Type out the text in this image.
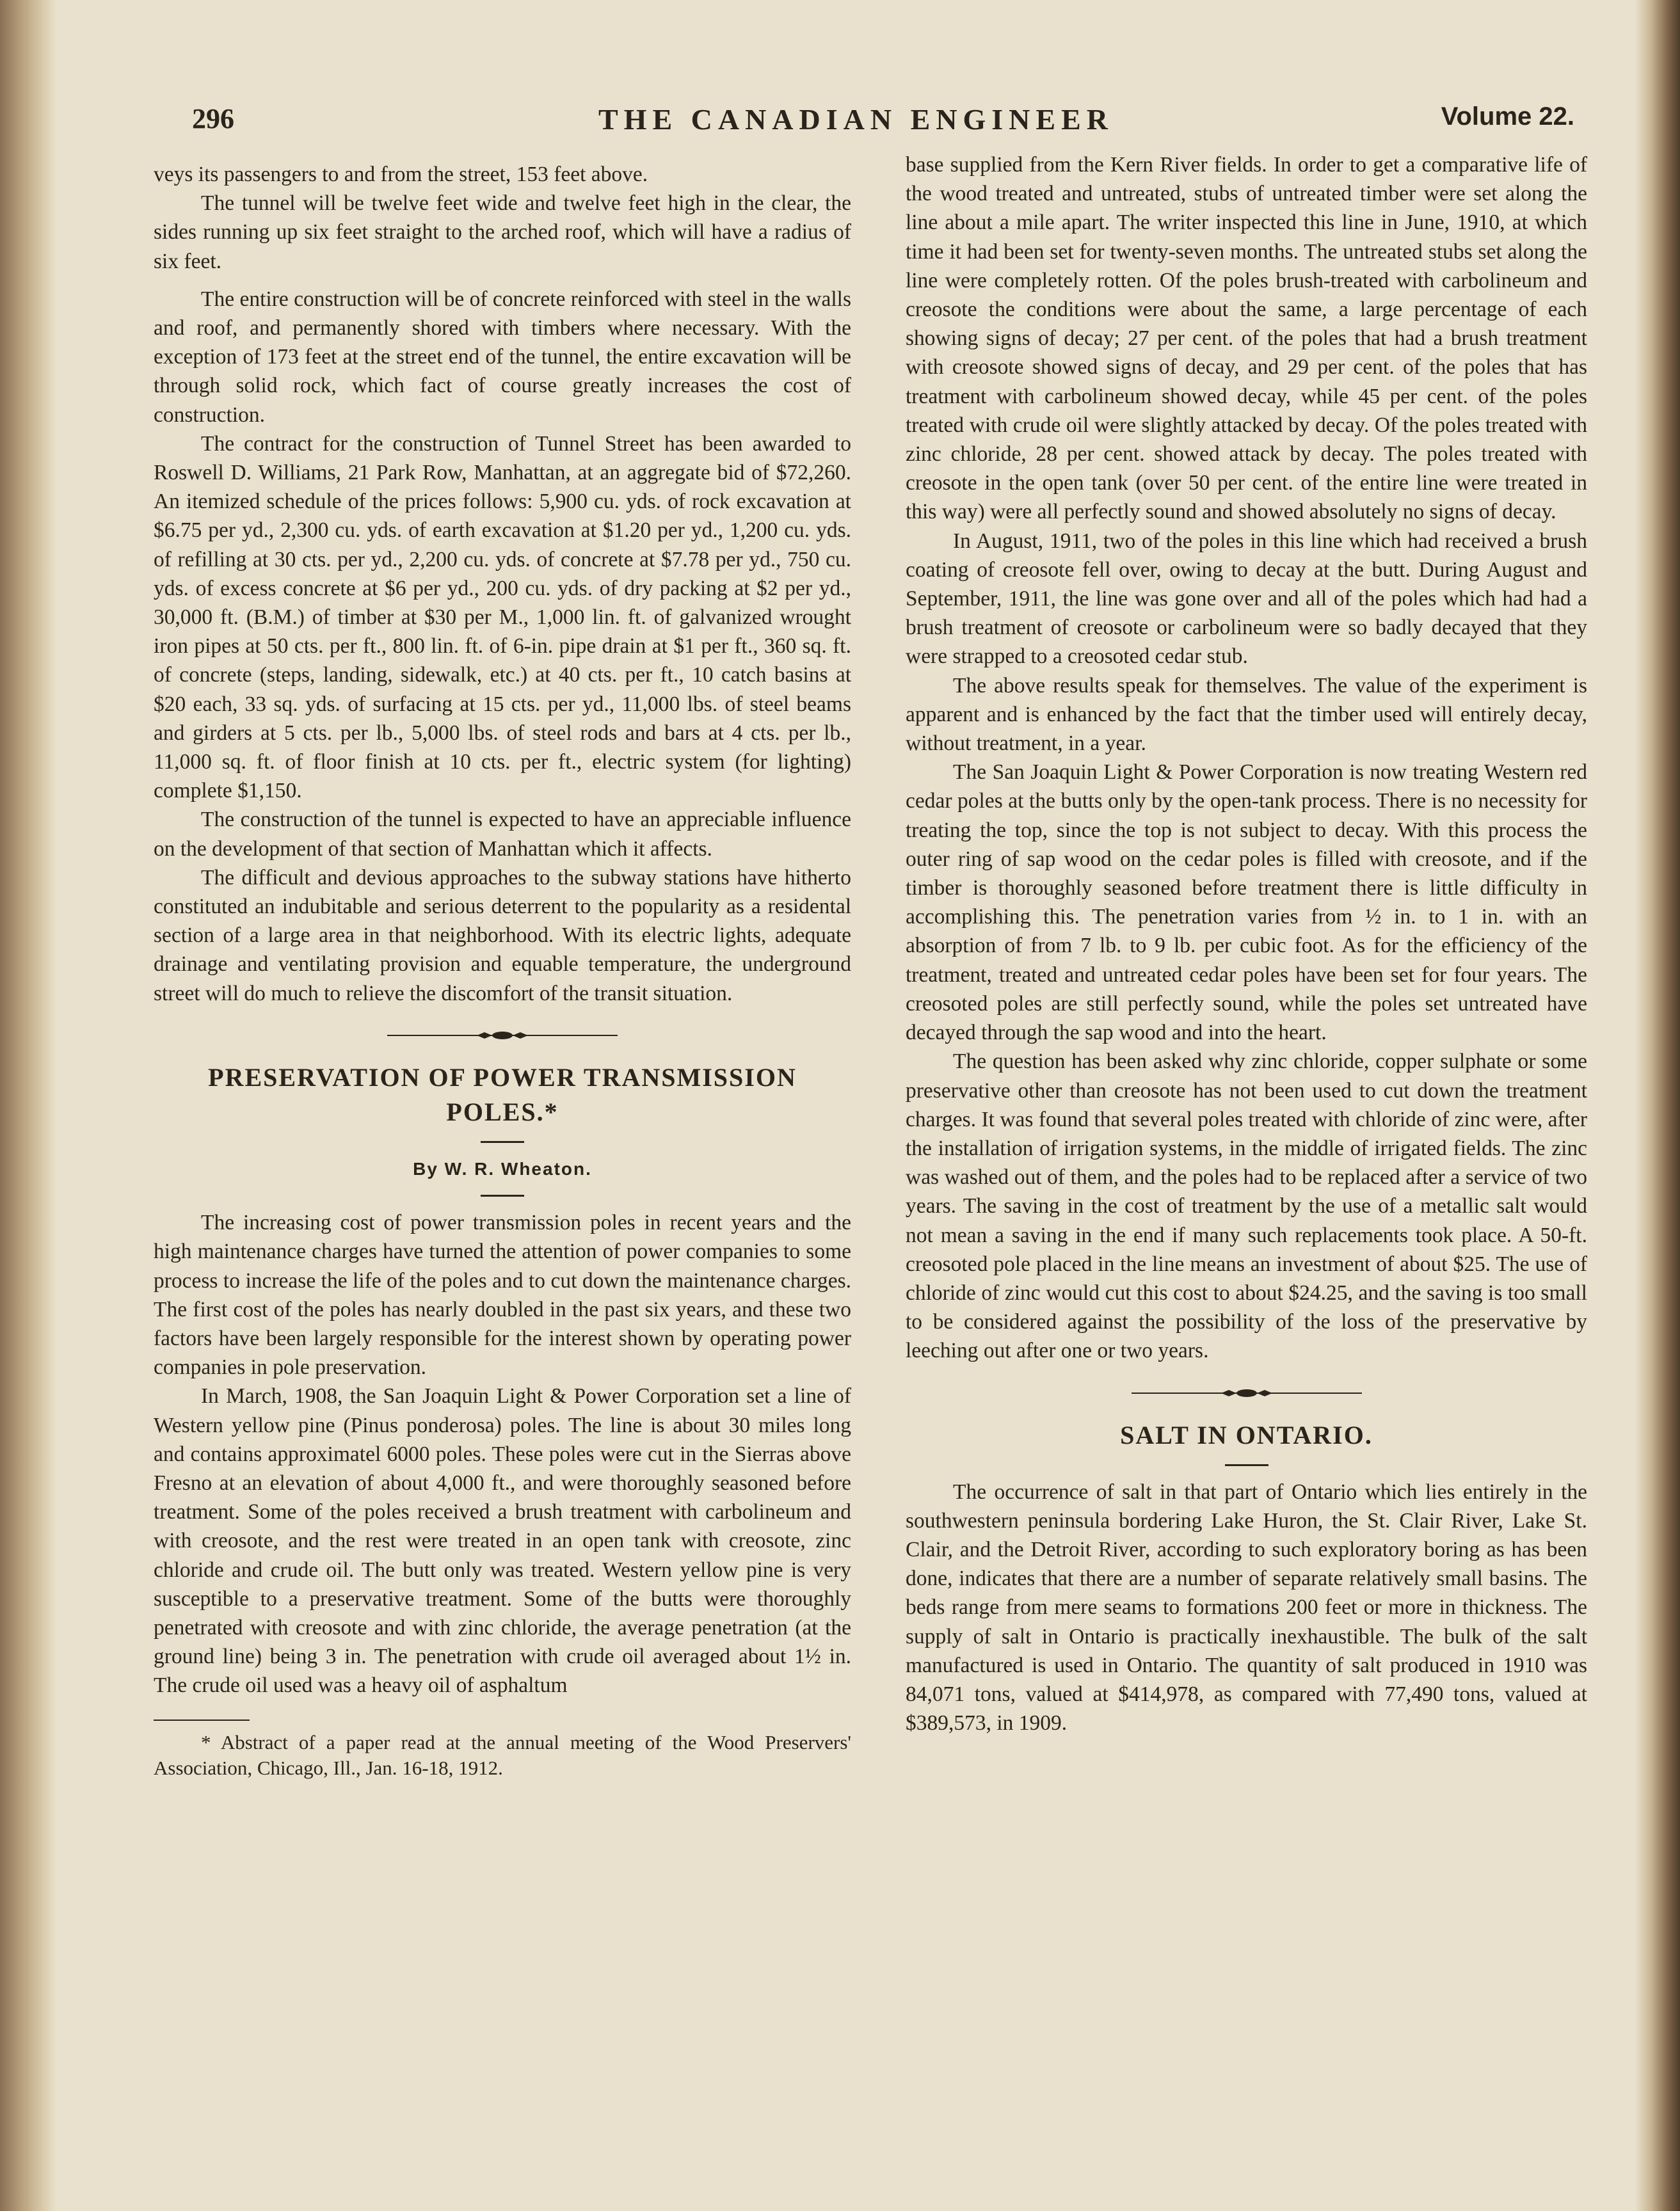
296	THE CANADIAN ENGINEER	Volume 22.

veys its passengers to and from the street, 153 feet above.

The tunnel will be twelve feet wide and twelve feet high in the clear, the sides running up six feet straight to the arched roof, which will have a radius of six feet.

The entire construction will be of concrete reinforced with steel in the walls and roof, and permanently shored with timbers where necessary. With the exception of 173 feet at the street end of the tunnel, the entire excavation will be through solid rock, which fact of course greatly increases the cost of construction.

The contract for the construction of Tunnel Street has been awarded to Roswell D. Williams, 21 Park Row, Manhattan, at an aggregate bid of $72,260. An itemized schedule of the prices follows: 5,900 cu. yds. of rock excavation at $6.75 per yd., 2,300 cu. yds. of earth excavation at $1.20 per yd., 1,200 cu. yds. of refilling at 30 cts. per yd., 2,200 cu. yds. of concrete at $7.78 per yd., 750 cu. yds. of excess concrete at $6 per yd., 200 cu. yds. of dry packing at $2 per yd., 30,000 ft. (B.M.) of timber at $30 per M., 1,000 lin. ft. of galvanized wrought iron pipes at 50 cts. per ft., 800 lin. ft. of 6-in. pipe drain at $1 per ft., 360 sq. ft. of concrete (steps, landing, sidewalk, etc.) at 40 cts. per ft., 10 catch basins at $20 each, 33 sq. yds. of surfacing at 15 cts. per yd., 11,000 lbs. of steel beams and girders at 5 cts. per lb., 5,000 lbs. of steel rods and bars at 4 cts. per lb., 11,000 sq. ft. of floor finish at 10 cts. per ft., electric system (for lighting) complete $1,150.

The construction of the tunnel is expected to have an appreciable influence on the development of that section of Manhattan which it affects.

The difficult and devious approaches to the subway stations have hitherto constituted an indubitable and serious deterrent to the popularity as a residental section of a large area in that neighborhood. With its electric lights, adequate drainage and ventilating provision and equable temperature, the underground street will do much to relieve the discomfort of the transit situation.

PRESERVATION OF POWER TRANSMISSION POLES.*
By W. R. Wheaton.

The increasing cost of power transmission poles in recent years and the high maintenance charges have turned the attention of power companies to some process to increase the life of the poles and to cut down the maintenance charges. The first cost of the poles has nearly doubled in the past six years, and these two factors have been largely responsible for the interest shown by operating power companies in pole preservation.

In March, 1908, the San Joaquin Light & Power Corporation set a line of Western yellow pine (Pinus ponderosa) poles. The line is about 30 miles long and contains approximatel 6000 poles. These poles were cut in the Sierras above Fresno at an elevation of about 4,000 ft., and were thoroughly seasoned before treatment. Some of the poles received a brush treatment with carbolineum and with creosote, and the rest were treated in an open tank with creosote, zinc chloride and crude oil. The butt only was treated. Western yellow pine is very susceptible to a preservative treatment. Some of the butts were thoroughly penetrated with creosote and with zinc chloride, the average penetration (at the ground line) being 3 in. The penetration with crude oil averaged about 1½ in. The crude oil used was a heavy oil of asphaltum

* Abstract of a paper read at the annual meeting of the Wood Preservers' Association, Chicago, Ill., Jan. 16-18, 1912.

base supplied from the Kern River fields. In order to get a comparative life of the wood treated and untreated, stubs of untreated timber were set along the line about a mile apart. The writer inspected this line in June, 1910, at which time it had been set for twenty-seven months. The untreated stubs set along the line were completely rotten. Of the poles brush-treated with carbolineum and creosote the conditions were about the same, a large percentage of each showing signs of decay; 27 per cent. of the poles that had a brush treatment with creosote showed signs of decay, and 29 per cent. of the poles that has treatment with carbolineum showed decay, while 45 per cent. of the poles treated with crude oil were slightly attacked by decay. Of the poles treated with zinc chloride, 28 per cent. showed attack by decay. The poles treated with creosote in the open tank (over 50 per cent. of the entire line were treated in this way) were all perfectly sound and showed absolutely no signs of decay.

In August, 1911, two of the poles in this line which had received a brush coating of creosote fell over, owing to decay at the butt. During August and September, 1911, the line was gone over and all of the poles which had had a brush treatment of creosote or carbolineum were so badly decayed that they were strapped to a creosoted cedar stub.

The above results speak for themselves. The value of the experiment is apparent and is enhanced by the fact that the timber used will entirely decay, without treatment, in a year.

The San Joaquin Light & Power Corporation is now treating Western red cedar poles at the butts only by the open-tank process. There is no necessity for treating the top, since the top is not subject to decay. With this process the outer ring of sap wood on the cedar poles is filled with creosote, and if the timber is thoroughly seasoned before treatment there is little difficulty in accomplishing this. The penetration varies from ½ in. to 1 in. with an absorption of from 7 lb. to 9 lb. per cubic foot. As for the efficiency of the treatment, treated and untreated cedar poles have been set for four years. The creosoted poles are still perfectly sound, while the poles set untreated have decayed through the sap wood and into the heart.

The question has been asked why zinc chloride, copper sulphate or some preservative other than creosote has not been used to cut down the treatment charges. It was found that several poles treated with chloride of zinc were, after the installation of irrigation systems, in the middle of irrigated fields. The zinc was washed out of them, and the poles had to be replaced after a service of two years. The saving in the cost of treatment by the use of a metallic salt would not mean a saving in the end if many such replacements took place. A 50-ft. creosoted pole placed in the line means an investment of about $25. The use of chloride of zinc would cut this cost to about $24.25, and the saving is too small to be considered against the possibility of the loss of the preservative by leeching out after one or two years.

SALT IN ONTARIO.

The occurrence of salt in that part of Ontario which lies entirely in the southwestern peninsula bordering Lake Huron, the St. Clair River, Lake St. Clair, and the Detroit River, according to such exploratory boring as has been done, indicates that there are a number of separate relatively small basins. The beds range from mere seams to formations 200 feet or more in thickness. The supply of salt in Ontario is practically inexhaustible. The bulk of the salt manufactured is used in Ontario. The quantity of salt produced in 1910 was 84,071 tons, valued at $414,978, as compared with 77,490 tons, valued at $389,573, in 1909.
